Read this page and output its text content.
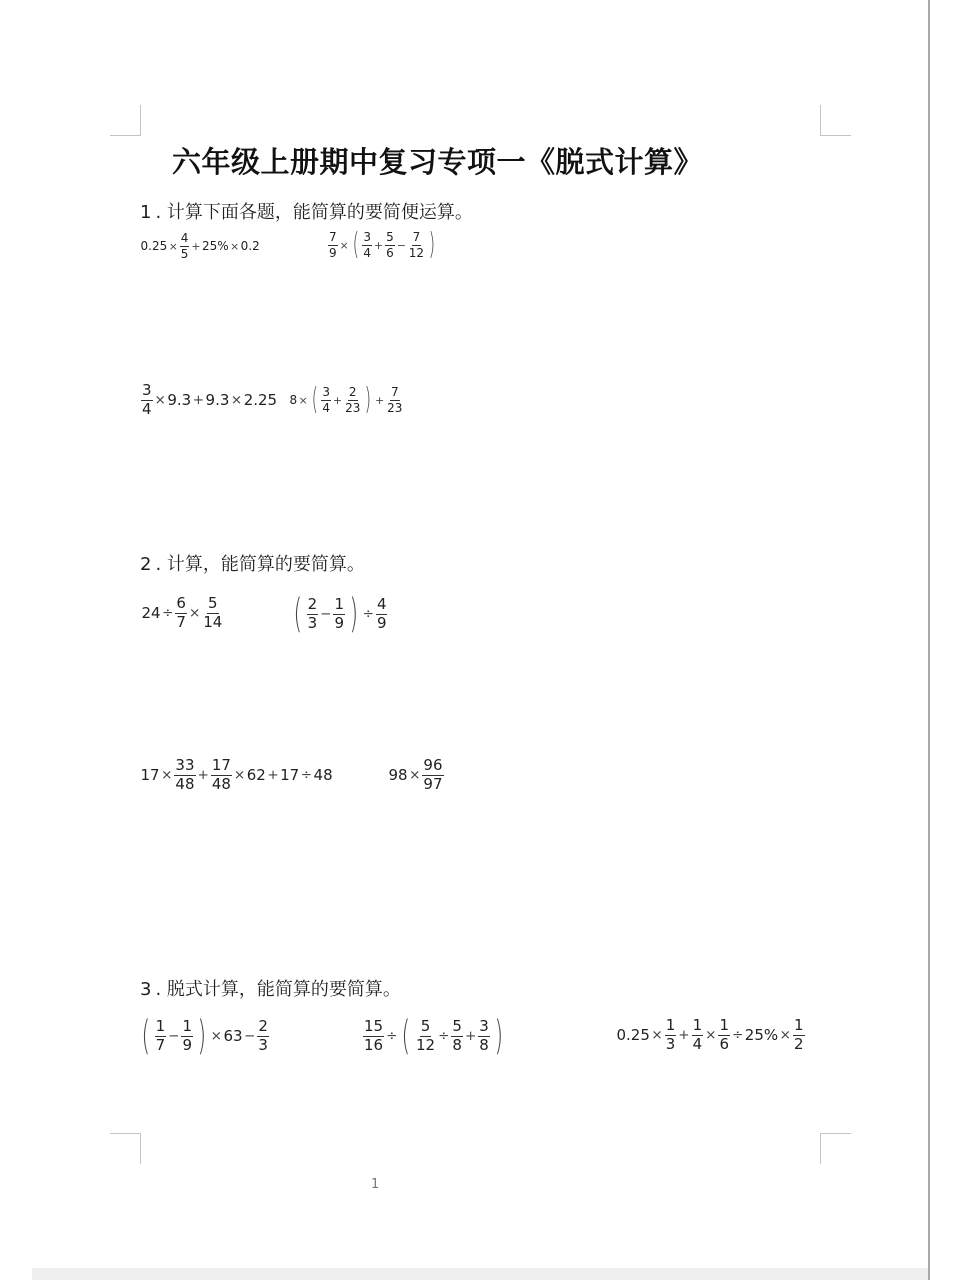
六年级上册期中复习专项一《脱式计算》
1 . 计算下面各题，能简算的要简便运算。
$0.25 \times \frac{4}{5} + 25\% \times 0.2$	$\frac{7}{9}$ × ( $\frac{3}{4} + \frac{5}{6} - \frac{7}{12}$ )
$\frac{3}{4} \times 9.3 + 9.3 \times 2.25$ 8 × ( $\frac{3}{4} + \frac{2}{23}$ ) + $\frac{7}{23}$
2 . 计算，能简算的要简算。
$24 \div \frac{6}{7} \times \frac{5}{14}$ ( $\frac{2}{3} - \frac{1}{9}$ ) ÷ $\frac{4}{9}$
$17 \times \frac{33}{48} + \frac{17}{48} \times 62 + 17 \div 48$	$98 \times \frac{96}{97}$
3 . 脱式计算，能简算的要简算。
( $\frac{1}{7} - \frac{1}{9}$ ) × $63 - \frac{2}{3}$	$\frac{15}{16}$ ÷ ( $\frac{5}{12} \div \frac{5}{8} + \frac{3}{8}$ )	$0.25 \times \frac{1}{3} + \frac{1}{4} \times \frac{1}{6} \div 25\% \times \frac{1}{2}$
1
